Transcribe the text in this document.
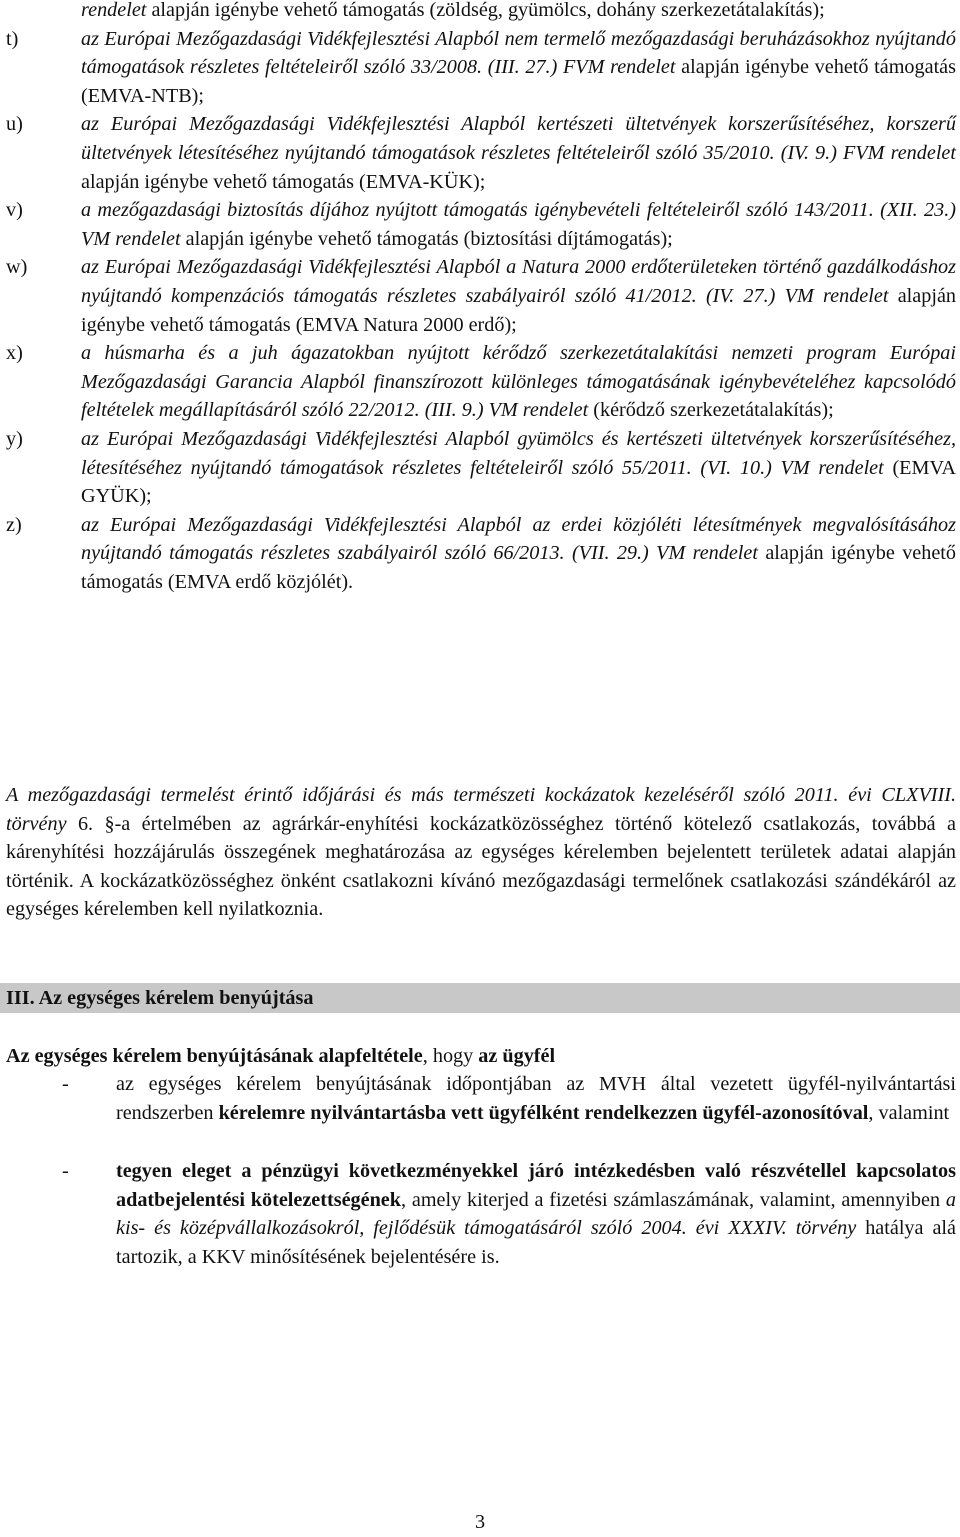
rendelet alapján igénybe vehető támogatás (zöldség, gyümölcs, dohány szerkezetátalakítás);
t)	az Európai Mezőgazdasági Vidékfejlesztési Alapból nem termelő mezőgazdasági beruházásokhoz nyújtandó támogatások részletes feltételeiről szóló 33/2008. (III. 27.) FVM rendelet alapján igénybe vehető támogatás (EMVA-NTB);
u)	az Európai Mezőgazdasági Vidékfejlesztési Alapból kertészeti ültetvények korszerűsítéséhez, korszerű ültetvények létesítéséhez nyújtandó támogatások részletes feltételeiről szóló 35/2010. (IV. 9.) FVM rendelet alapján igénybe vehető támogatás (EMVA-KÜK);
v)	a mezőgazdasági biztosítás díjához nyújtott támogatás igénybevételi feltételeiről szóló 143/2011. (XII. 23.) VM rendelet alapján igénybe vehető támogatás (biztosítási díjtámogatás);
w)	az Európai Mezőgazdasági Vidékfejlesztési Alapból a Natura 2000 erdőterületeken történő gazdálkodáshoz nyújtandó kompenzációs támogatás részletes szabályairól szóló 41/2012. (IV. 27.) VM rendelet alapján igénybe vehető támogatás (EMVA Natura 2000 erdő);
x)	a húsmarha és a juh ágazatokban nyújtott kérődző szerkezetátalakítási nemzeti program Európai Mezőgazdasági Garancia Alapból finanszírozott különleges támogatásának igénybevételéhez kapcsolódó feltételek megállapításáról szóló 22/2012. (III. 9.) VM rendelet (kérődző szerkezetátalakítás);
y)	az Európai Mezőgazdasági Vidékfejlesztési Alapból gyümölcs és kertészeti ültetvények korszerűsítéséhez, létesítéséhez nyújtandó támogatások részletes feltételeiről szóló 55/2011. (VI. 10.) VM rendelet (EMVA GYÜK);
z)	az Európai Mezőgazdasági Vidékfejlesztési Alapból az erdei közjóléti létesítmények megvalósításához nyújtandó támogatás részletes szabályairól szóló 66/2013. (VII. 29.) VM rendelet alapján igénybe vehető támogatás (EMVA erdő közjólét).
A mezőgazdasági termelést érintő időjárási és más természeti kockázatok kezeléséről szóló 2011. évi CLXVIII. törvény 6. §-a értelmében az agrárkár-enyhítési kockázatközösséghez történő kötelező csatlakozás, továbbá a kárenyhítési hozzájárulás összegének meghatározása az egységes kérelemben bejelentett területek adatai alapján történik. A kockázatközösséghez önként csatlakozni kívánó mezőgazdasági termelőnek csatlakozási szándékáról az egységes kérelemben kell nyilatkoznia.
III. Az egységes kérelem benyújtása
Az egységes kérelem benyújtásának alapfeltétele, hogy az ügyfél
-	az egységes kérelem benyújtásának időpontjában az MVH által vezetett ügyfél-nyilvántartási rendszerben kérelemre nyilvántartásba vett ügyfélként rendelkezzen ügyfél-azonosítóval, valamint
-	tegyen eleget a pénzügyi következményekkel járó intézkedésben való részvétellel kapcsolatos adatbejelentési kötelezettségének, amely kiterjed a fizetési számlaszámának, valamint, amennyiben a kis- és középvállalkozásokról, fejlődésük támogatásáról szóló 2004. évi XXXIV. törvény hatálya alá tartozik, a KKV minősítésének bejelentésére is.
3
